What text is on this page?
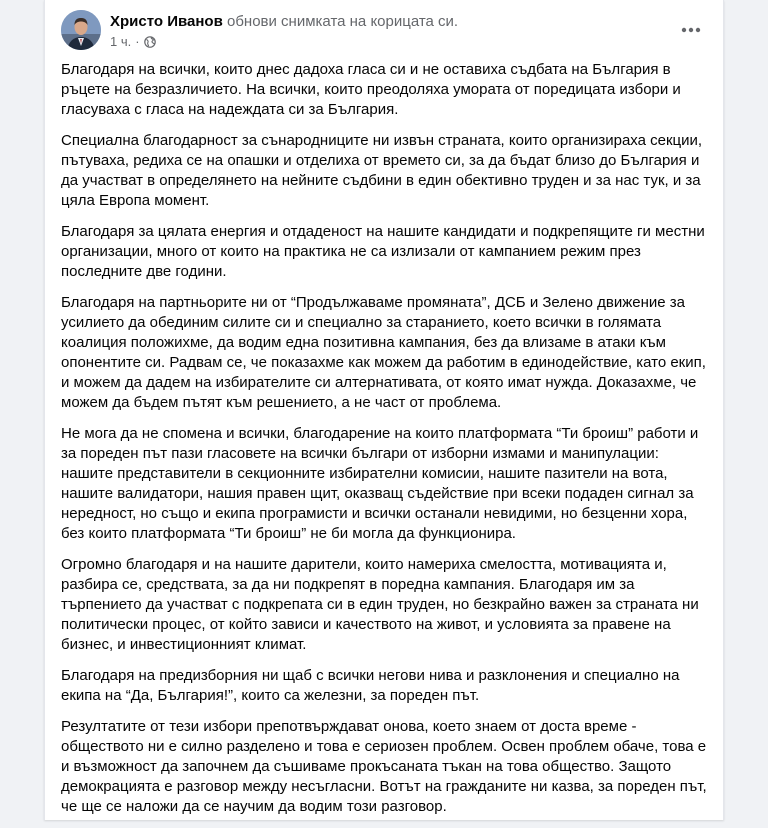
Христо Иванов обнови снимката на корицата си.
1 ч. ·

Благодаря на всички, които днес дадоха гласа си и не оставиха съдбата на България в ръцете на безразличието. На всички, които преодоляха умората от поредицата избори и гласуваха с гласа на надеждата си за България.

Специална благодарност за сънародниците ни извън страната, които организираха секции, пътуваха, редиха се на опашки и отделиха от времето си, за да бъдат близо до България и да участват в определянето на нейните съдбини в един обективно труден и за нас тук, и за цяла Европа момент.

Благодаря за цялата енергия и отдаденост на нашите кандидати и подкрепящите ги местни организации, много от които на практика не са излизали от кампанием режим през последните две години.

Благодаря на партньорите ни от “Продължаваме промяната”, ДСБ и Зелено движение за усилието да обединим силите си и специално за старанието, което всички в голямата коалиция положихме, да водим една позитивна кампания, без да влизаме в атаки към опонентите си. Радвам се, че показахме как можем да работим в единодействие, като екип, и можем да дадем на избирателите си алтернативата, от която имат нужда. Доказахме, че можем да бъдем пътят към решението, а не част от проблема.

Не мога да не спомена и всички, благодарение на които платформата “Ти броиш” работи и за пореден път пази гласовете на всички българи от изборни измами и манипулации: нашите представители в секционните избирателни комисии, нашите пазители на вота, нашите валидатори, нашия правен щит, оказващ съдействие при всеки подаден сигнал за нередност, но също и екипа програмисти и всички останали невидими, но безценни хора, без които платформата “Ти броиш” не би могла да функционира.

Огромно благодаря и на нашите дарители, които намериха смелостта, мотивацията и, разбира се, средствата, за да ни подкрепят в поредна кампания. Благодаря им за търпението да участват с подкрепата си в един труден, но безкрайно важен за страната ни политически процес, от който зависи и качеството на живот, и условията за правене на бизнес, и инвестиционният климат.

Благодаря на предизборния ни щаб с всички негови нива и разклонения и специално на екипа на “Да, България!”, които са железни, за пореден път.

Резултатите от тези избори препотвърждават онова, което знаем от доста време - обществото ни е силно разделено и това е сериозен проблем. Освен проблем обаче, това е и възможност да започнем да съшиваме прокъсаната тъкан на това общество. Защото демокрацията е разговор между несъгласни. Вотът на гражданите ни казва, за пореден път, че ще се наложи да се научим да водим този разговор.
